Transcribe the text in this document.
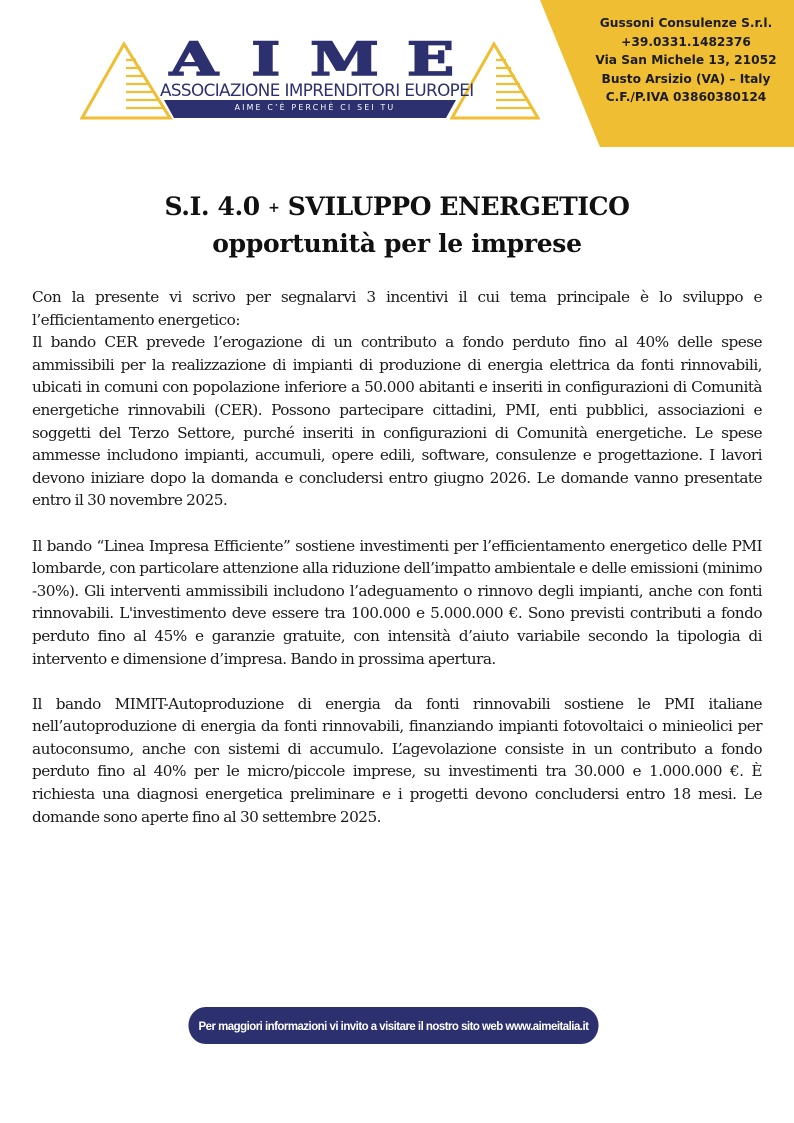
Gussoni Consulenze S.r.l.
+39.0331.1482376
Via San Michele 13, 21052
Busto Arsizio (VA) – Italy
C.F./P.IVA 03860380124
A I M E
ASSOCIAZIONE IMPRENDITORI EUROPEI
AIME C’È PERCHÈ CI SEI TU
S.I. 4.0 + SVILUPPO ENERGETICO
opportunità per le imprese

Con la presente vi scrivo per segnalarvi 3 incentivi il cui tema principale è lo sviluppo e l’efficientamento energetico:

Il bando CER prevede l’erogazione di un contributo a fondo perduto fino al 40% delle spese ammissibili per la realizzazione di impianti di produzione di energia elettrica da fonti rinnovabili, ubicati in comuni con popolazione inferiore a 50.000 abitanti e inseriti in configurazioni di Comunità energetiche rinnovabili (CER). Possono partecipare cittadini, PMI, enti pubblici, associazioni e soggetti del Terzo Settore, purché inseriti in configurazioni di Comunità energetiche. Le spese ammesse includono impianti, accumuli, opere edili, software, consulenze e progettazione. I lavori devono iniziare dopo la domanda e concludersi entro giugno 2026. Le domande vanno presentate entro il 30 novembre 2025.

Il bando “Linea Impresa Efficiente” sostiene investimenti per l’efficientamento energetico delle PMI lombarde, con particolare attenzione alla riduzione dell’impatto ambientale e delle emissioni (minimo -30%). Gli interventi ammissibili includono l’adeguamento o rinnovo degli impianti, anche con fonti rinnovabili. L'investimento deve essere tra 100.000 e 5.000.000 €. Sono previsti contributi a fondo perduto fino al 45% e garanzie gratuite, con intensità d’aiuto variabile secondo la tipologia di intervento e dimensione d’impresa. Bando in prossima apertura.

Il bando MIMIT-Autoproduzione di energia da fonti rinnovabili sostiene le PMI italiane nell’autoproduzione di energia da fonti rinnovabili, finanziando impianti fotovoltaici o minieolici per autoconsumo, anche con sistemi di accumulo. L’agevolazione consiste in un contributo a fondo perduto fino al 40% per le micro/piccole imprese, su investimenti tra 30.000 e 1.000.000 €. È richiesta una diagnosi energetica preliminare e i progetti devono concludersi entro 18 mesi. Le domande sono aperte fino al 30 settembre 2025.

Per maggiori informazioni vi invito a visitare il nostro sito web www.aimeitalia.it
